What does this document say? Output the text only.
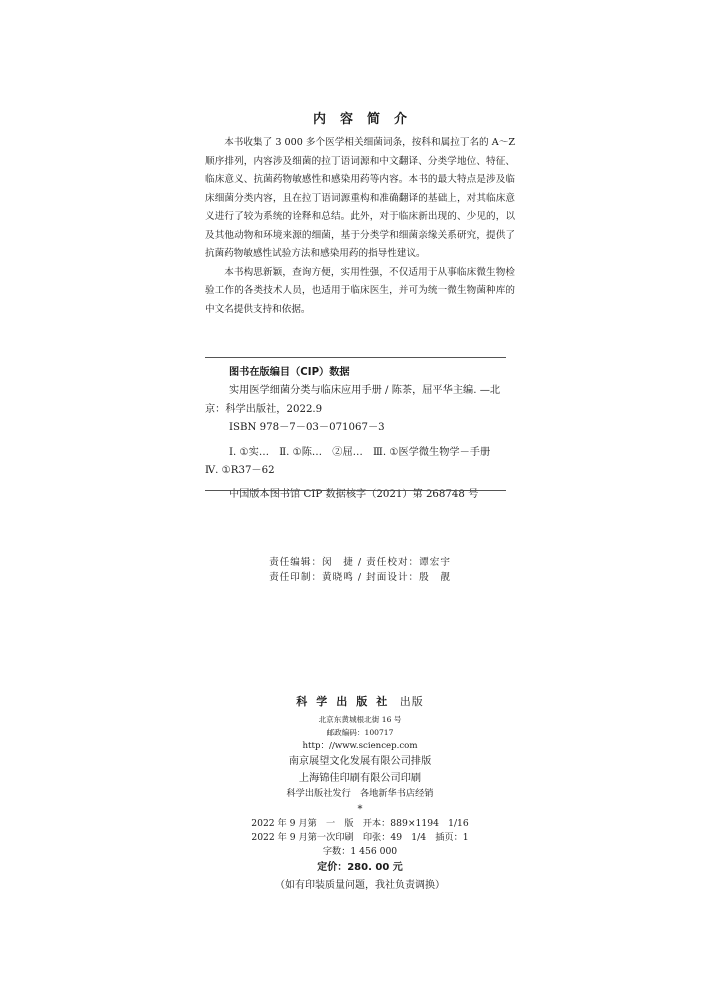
内容简介

本书收集了 3 000 多个医学相关细菌词条，按科和属拉丁名的 A～Z 顺序排列，内容涉及细菌的拉丁语词源和中文翻译、分类学地位、特征、临床意义、抗菌药物敏感性和感染用药等内容。本书的最大特点是涉及临床细菌分类内容，且在拉丁语词源重构和准确翻译的基础上，对其临床意义进行了较为系统的诠释和总结。此外，对于临床新出现的、少见的，以及其他动物和环境来源的细菌，基于分类学和细菌亲缘关系研究，提供了抗菌药物敏感性试验方法和感染用药的指导性建议。

本书构思新颖，查询方便，实用性强，不仅适用于从事临床微生物检验工作的各类技术人员，也适用于临床医生，并可为统一微生物菌种库的中文名提供支持和依据。

图书在版编目（CIP）数据
实用医学细菌分类与临床应用手册 / 陈茶，屈平华主编. —北京：科学出版社，2022.9
ISBN 978－7－03－071067－3
Ⅰ. ①实…　Ⅱ. ①陈…　②屈…　Ⅲ. ①医学微生物学－手册　Ⅳ. ①R37－62
中国版本图书馆 CIP 数据核字（2021）第 268748 号
责任编辑：闵　捷 / 责任校对：谭宏宇
责任印制：黄晓鸣 / 封面设计：殷　靓
科学出版社 出版
北京东黄城根北街 16 号
邮政编码：100717
http：//www.sciencep.com
南京展望文化发展有限公司排版
上海锦佳印刷有限公司印刷
科学出版社发行　各地新华书店经销
*
2022 年 9 月第　一　版　开本：889×1194　1/16
2022 年 9 月第一次印刷　印张：49　1/4　插页：1
字数：1 456 000
定价：280. 00 元
（如有印装质量问题，我社负责调换）
